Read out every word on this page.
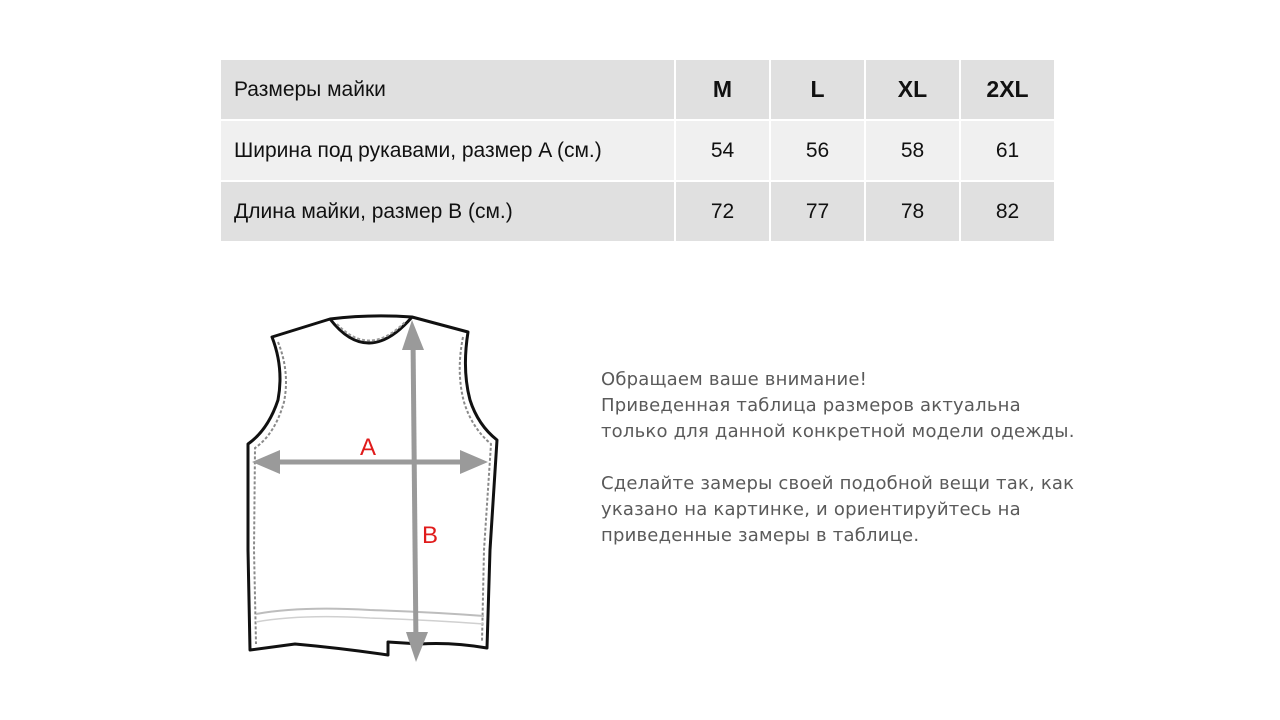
Размеры майки	M	L	XL	2XL
Ширина под рукавами, размер A (см.)	54	56	58	61
Длина майки, размер B (см.)	72	77	78	82
A
B
Обращаем ваше внимание!
Приведенная таблица размеров актуальна
только для данной конкретной модели одежды.
Сделайте замеры своей подобной вещи так, как
указано на картинке, и ориентируйтесь на
приведенные замеры в таблице.
